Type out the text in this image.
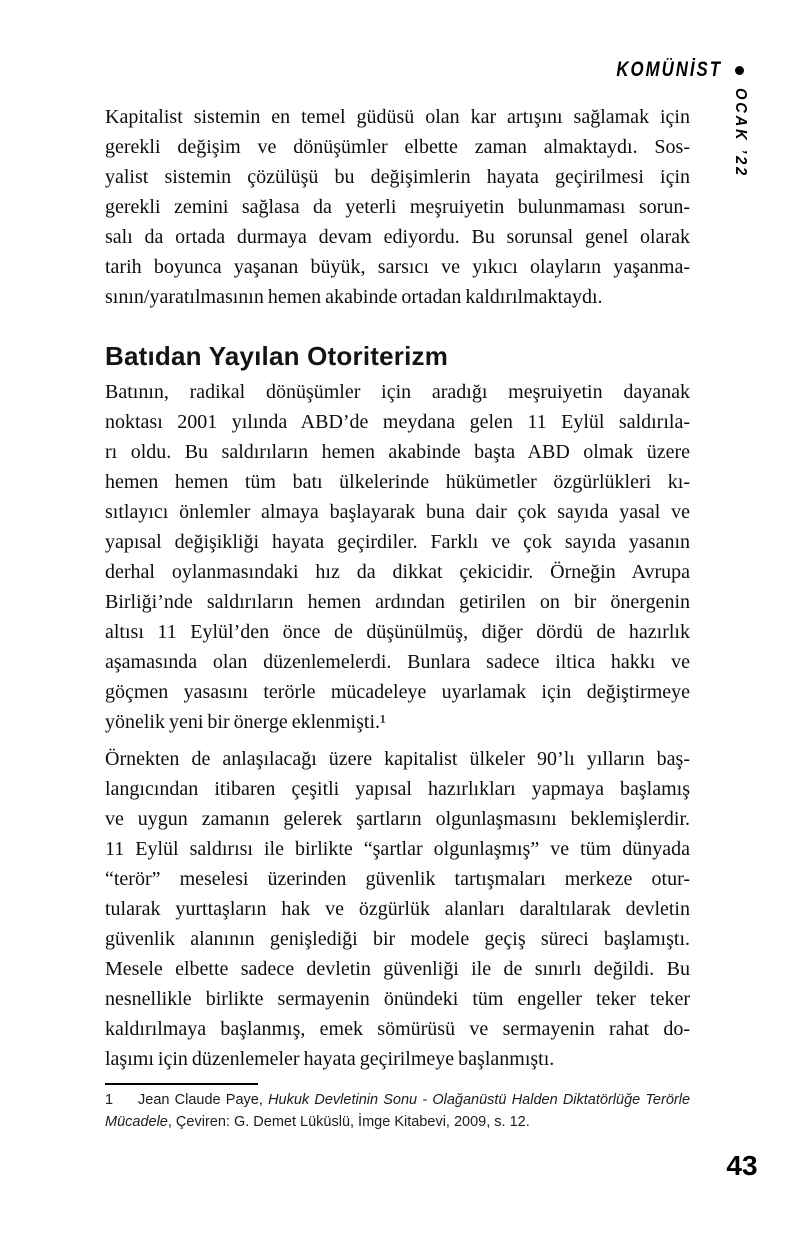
KOMÜNİST
OCAK ’22
Kapitalist sistemin en temel güdüsü olan kar artışını sağlamak için
gerekli değişim ve dönüşümler elbette zaman almaktaydı. Sos-
yalist sistemin çözülüşü bu değişimlerin hayata geçirilmesi için
gerekli zemini sağlasa da yeterli meşruiyetin bulunmaması sorun-
salı da ortada durmaya devam ediyordu. Bu sorunsal genel olarak
tarih boyunca yaşanan büyük, sarsıcı ve yıkıcı olayların yaşanma-
sının/yaratılmasının hemen akabinde ortadan kaldırılmaktaydı.
Batıdan Yayılan Otoriterizm
Batının, radikal dönüşümler için aradığı meşruiyetin dayanak
noktası 2001 yılında ABD’de meydana gelen 11 Eylül saldırıla-
rı oldu. Bu saldırıların hemen akabinde başta ABD olmak üzere
hemen hemen tüm batı ülkelerinde hükümetler özgürlükleri kı-
sıtlayıcı önlemler almaya başlayarak buna dair çok sayıda yasal ve
yapısal değişikliği hayata geçirdiler. Farklı ve çok sayıda yasanın
derhal oylanmasındaki hız da dikkat çekicidir. Örneğin Avrupa
Birliği’nde saldırıların hemen ardından getirilen on bir önergenin
altısı 11 Eylül’den önce de düşünülmüş, diğer dördü de hazırlık
aşamasında olan düzenlemelerdi. Bunlara sadece iltica hakkı ve
göçmen yasasını terörle mücadeleye uyarlamak için değiştirmeye
yönelik yeni bir önerge eklenmişti.¹
Örnekten de anlaşılacağı üzere kapitalist ülkeler 90’lı yılların baş-
langıcından itibaren çeşitli yapısal hazırlıkları yapmaya başlamış
ve uygun zamanın gelerek şartların olgunlaşmasını beklemişlerdir.
11 Eylül saldırısı ile birlikte “şartlar olgunlaşmış” ve tüm dünyada
“terör” meselesi üzerinden güvenlik tartışmaları merkeze otur-
tularak yurttaşların hak ve özgürlük alanları daraltılarak devletin
güvenlik alanının genişlediği bir modele geçiş süreci başlamıştı.
Mesele elbette sadece devletin güvenliği ile de sınırlı değildi. Bu
nesnellikle birlikte sermayenin önündeki tüm engeller teker teker
kaldırılmaya başlanmış, emek sömürüsü ve sermayenin rahat do-
laşımı için düzenlemeler hayata geçirilmeye başlanmıştı.
1 Jean Claude Paye, Hukuk Devletinin Sonu - Olağanüstü Halden Diktatörlüğe Terörle Mücadele, Çeviren: G. Demet Lüküslü, İmge Kitabevi, 2009, s. 12.
43
